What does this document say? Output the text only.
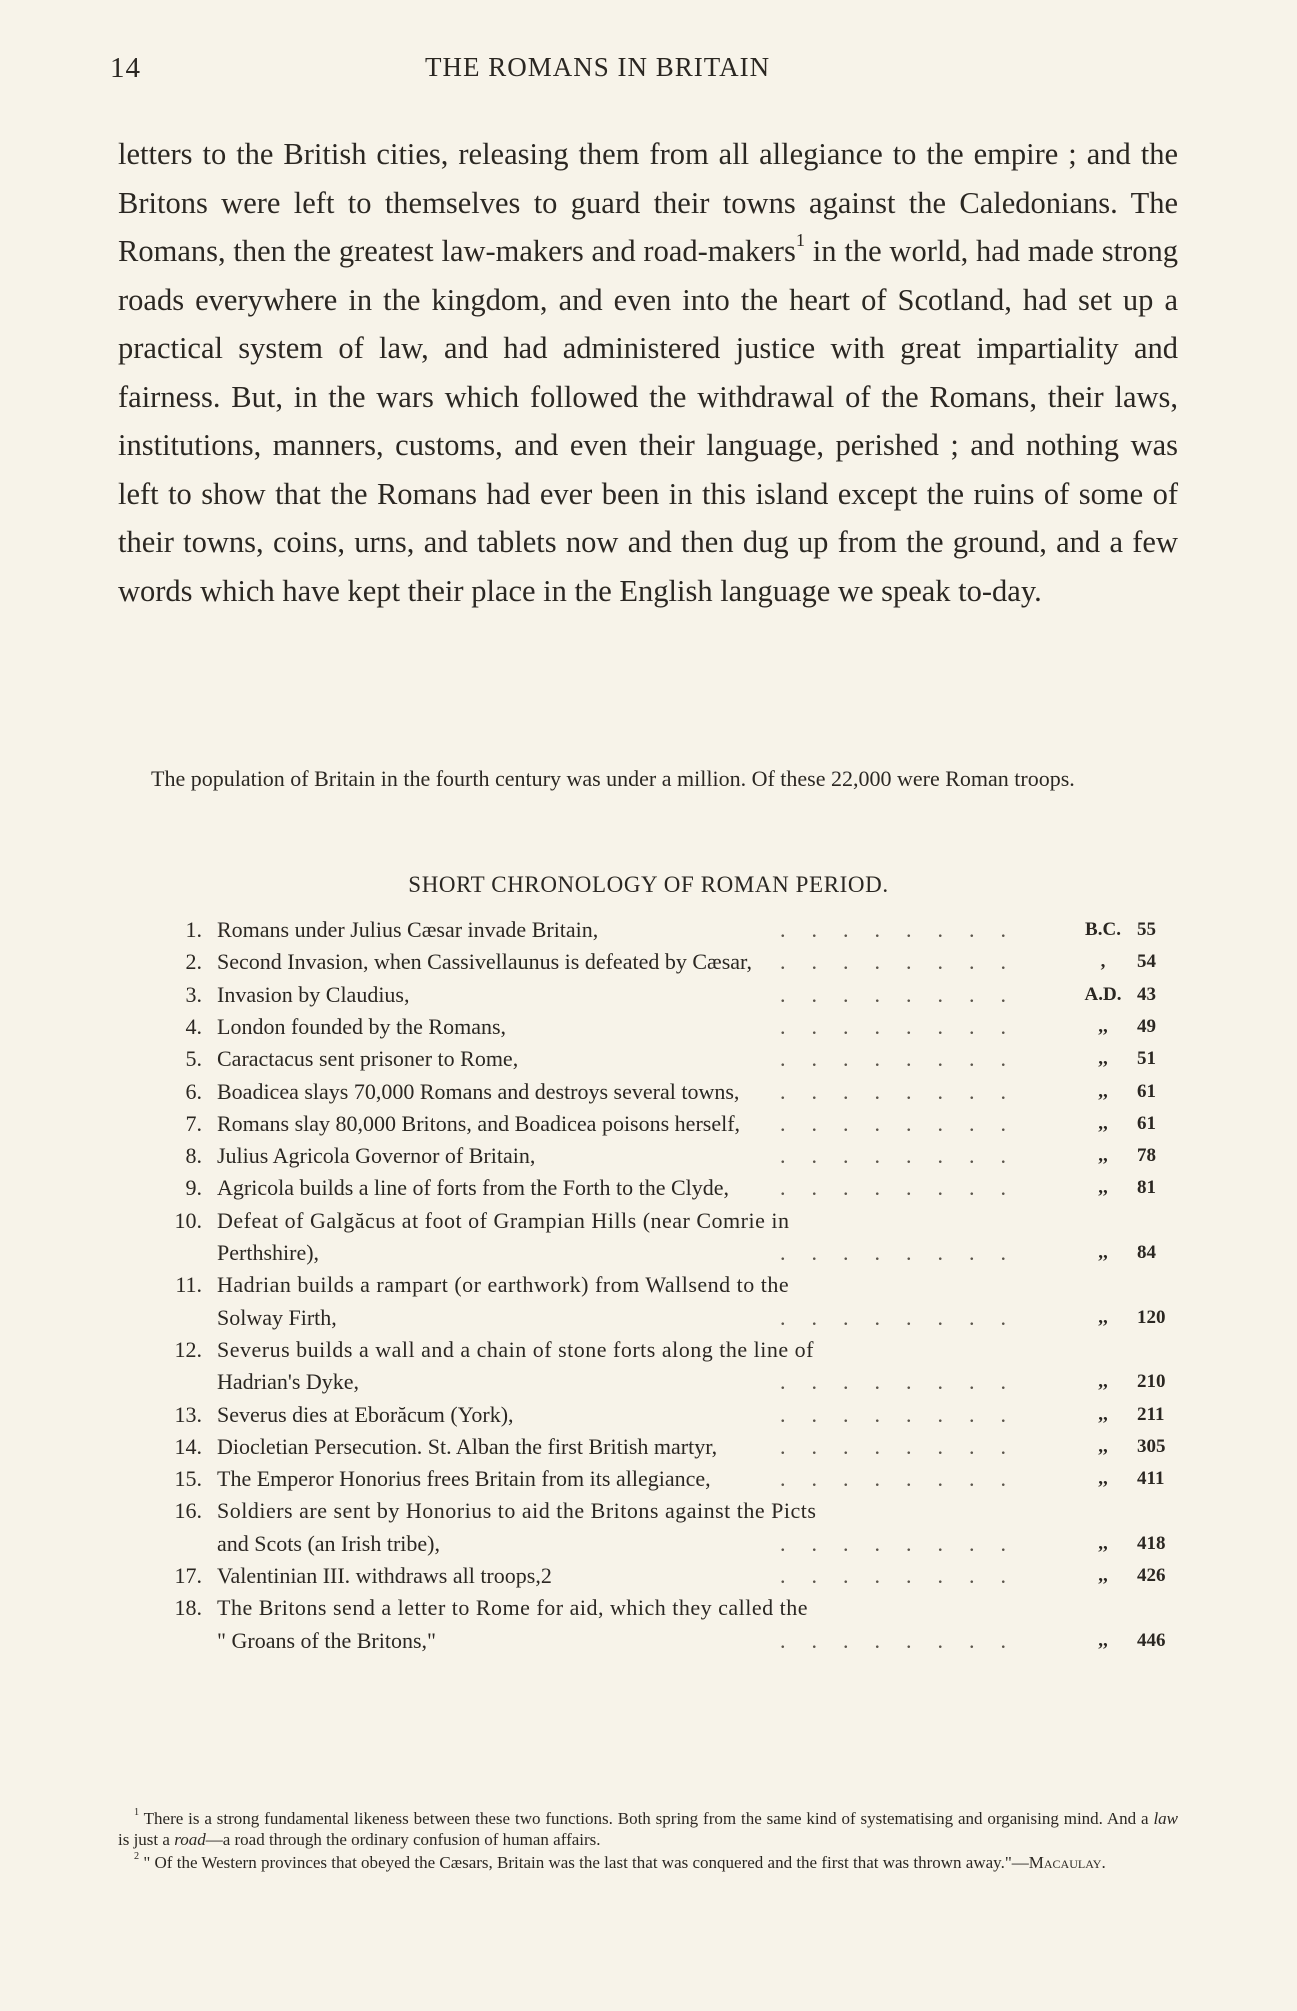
14	THE ROMANS IN BRITAIN

letters to the British cities, releasing them from all allegiance to the empire ; and the Britons were left to themselves to guard their towns against the Caledonians. The Romans, then the greatest law-makers and road-makers$^1$ in the world, had made strong roads everywhere in the kingdom, and even into the heart of Scotland, had set up a practical system of law, and had administered justice with great impartiality and fairness. But, in the wars which followed the withdrawal of the Romans, their laws, institutions, manners, customs, and even their language, perished ; and nothing was left to show that the Romans had ever been in this island except the ruins of some of their towns, coins, urns, and tablets now and then dug up from the ground, and a few words which have kept their place in the English language we speak to-day.

The population of Britain in the fourth century was under a million. Of these 22,000 were Roman troops.

SHORT CHRONOLOGY OF ROMAN PERIOD.
1. Romans under Julius Cæsar invade Britain,	........	B.C. 55
2. Second Invasion, when Cassivellaunus is defeated by Cæsar, ........	,	54
3. Invasion by Claudius,	........	A.D. 43
4. London founded by the Romans,	........	,,	49
5. Caractacus sent prisoner to Rome,	........	,,	51
6. Boadicea slays 70,000 Romans and destroys several towns, ........	,,	61
7. Romans slay 80,000 Britons, and Boadicea poisons herself, ........	,,	61
8. Julius Agricola Governor of Britain,	........	,,	78
9. Agricola builds a line of forts from the Forth to the Clyde, ........	,,	81
10. Defeat of Galgăcus at foot of Grampian Hills (near Comrie in
Perthshire),	........	,,	84
11. Hadrian builds a rampart (or earthwork) from Wallsend to the
Solway Firth,	........	,,	120
12. Severus builds a wall and a chain of stone forts along the line of
Hadrian's Dyke,	........	,,	210
13. Severus dies at Eborăcum (York),	........	,,	211
14. Diocletian Persecution. St. Alban the first British martyr,	........	,,	305
15. The Emperor Honorius frees Britain from its allegiance,	........	,,	411
16. Soldiers are sent by Honorius to aid the Britons against the Picts
and Scots (an Irish tribe),	........	,,	418
17. Valentinian III. withdraws all troops,2	........	,,	426
18. The Britons send a letter to Rome for aid, which they called the
" Groans of the Britons,"	........	,,	446

$^1$ There is a strong fundamental likeness between these two functions. Both spring from the same kind of systematising and organising mind. And a law is just a road—a road through the ordinary confusion of human affairs.

$^2$ " Of the Western provinces that obeyed the Cæsars, Britain was the last that was conquered and the first that was thrown away."—Macaulay.
